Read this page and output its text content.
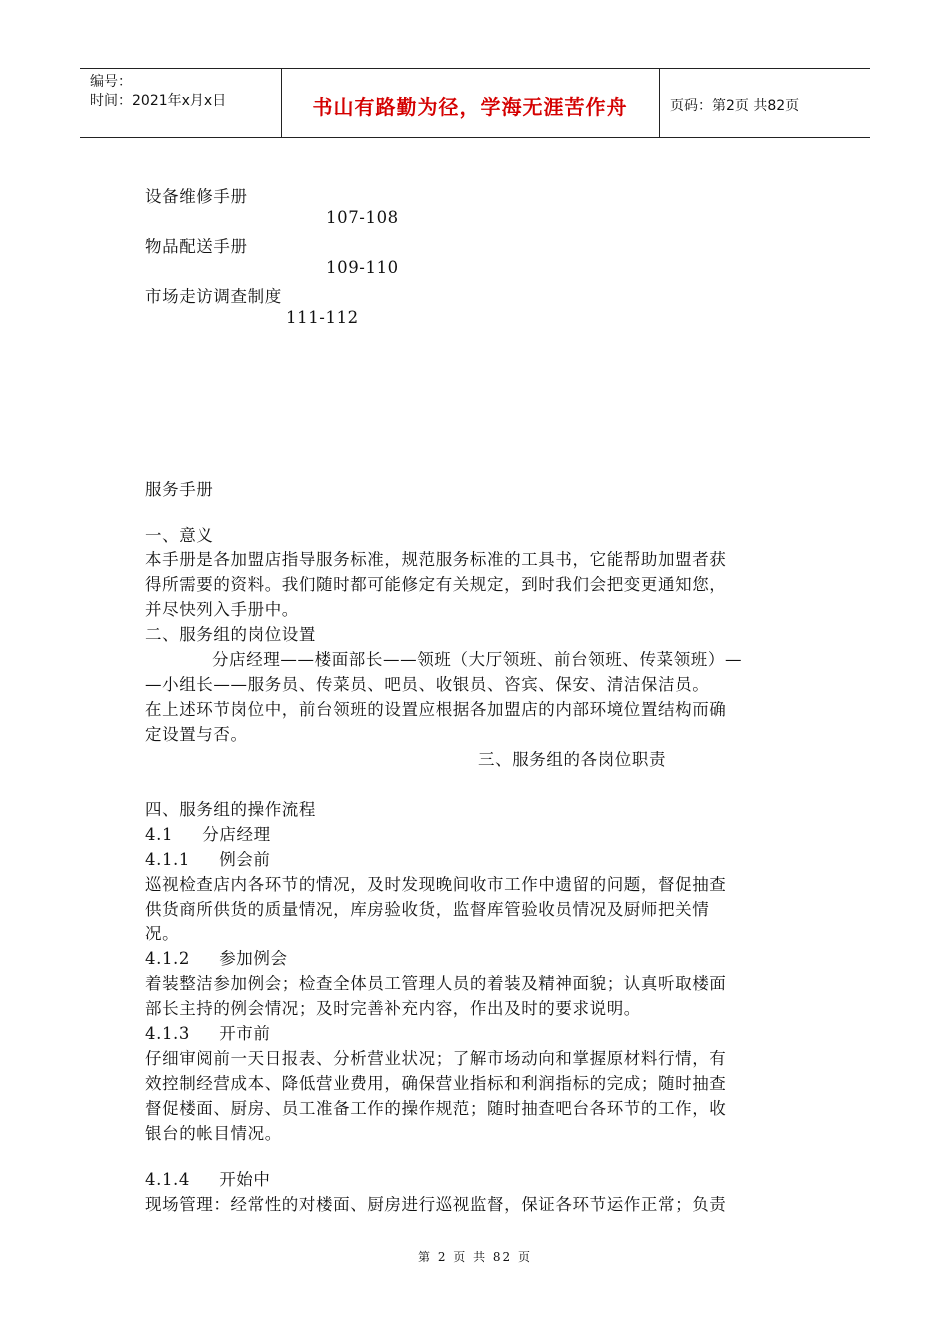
编号：
时间：2021年x月x日	书山有路勤为径，学海无涯苦作舟	页码：第2页 共82页
设备维修手册
107-108
物品配送手册
109-110
市场走访调查制度
111-112
服务手册
一、意义
本手册是各加盟店指导服务标准，规范服务标准的工具书，它能帮助加盟者获
得所需要的资料。我们随时都可能修定有关规定，到时我们会把变更通知您，
并尽快列入手册中。
二、服务组的岗位设置
分店经理——楼面部长——领班（大厅领班、前台领班、传菜领班）—
—小组长——服务员、传菜员、吧员、收银员、咨宾、保安、清洁保洁员。
在上述环节岗位中，前台领班的设置应根据各加盟店的内部环境位置结构而确
定设置与否。
三、服务组的各岗位职责
四、服务组的操作流程
4.1     分店经理
4.1.1     例会前
巡视检查店内各环节的情况，及时发现晚间收市工作中遗留的问题，督促抽查
供货商所供货的质量情况，库房验收货，监督库管验收员情况及厨师把关情
况。
4.1.2     参加例会
着装整洁参加例会；检查全体员工管理人员的着装及精神面貌；认真听取楼面
部长主持的例会情况；及时完善补充内容，作出及时的要求说明。
4.1.3     开市前
仔细审阅前一天日报表、分析营业状况；了解市场动向和掌握原材料行情，有
效控制经营成本、降低营业费用，确保营业指标和利润指标的完成；随时抽查
督促楼面、厨房、员工准备工作的操作规范；随时抽查吧台各环节的工作，收
银台的帐目情况。
4.1.4     开始中
现场管理：经常性的对楼面、厨房进行巡视监督，保证各环节运作正常；负责
第 2 页 共 82 页
